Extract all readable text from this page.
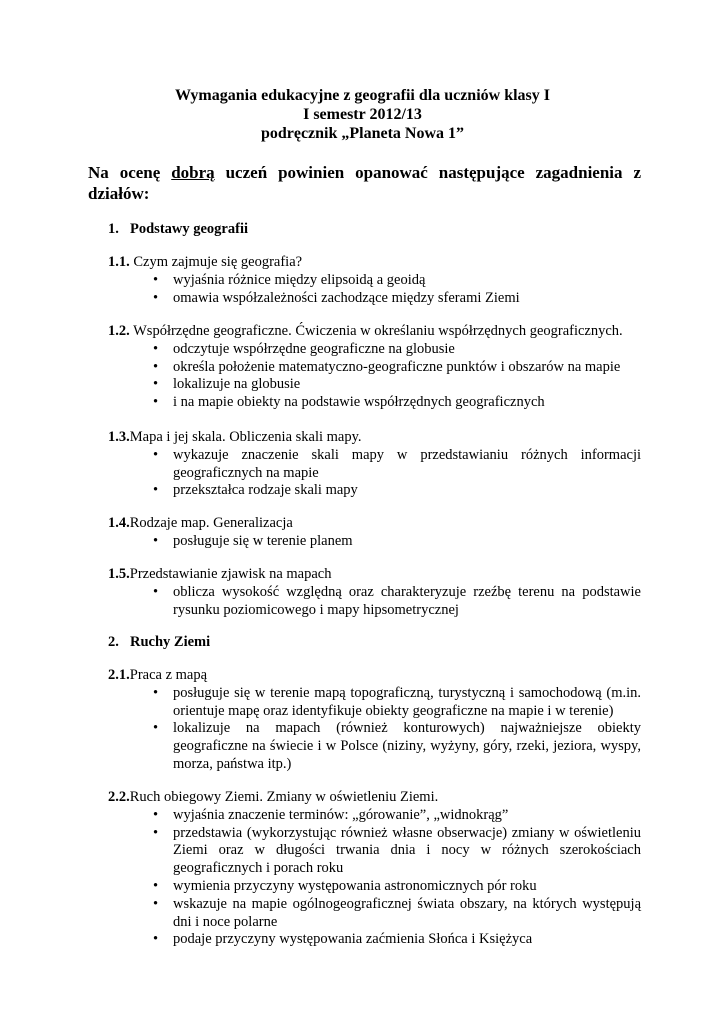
Wymagania edukacyjne z geografii dla uczniów klasy I
I semestr 2012/13
podręcznik „Planeta Nowa 1”
Na ocenę dobrą uczeń powinien opanować następujące zagadnienia z działów:
1. Podstawy geografii
1.1. Czym zajmuje się geografia?
• wyjaśnia różnice między elipsoidą a geoidą
• omawia współzależności zachodzące między sferami Ziemi
1.2. Współrzędne geograficzne. Ćwiczenia w określaniu współrzędnych geograficznych.
• odczytuje współrzędne geograficzne na globusie
• określa położenie matematyczno-geograficzne punktów i obszarów na mapie
• lokalizuje na globusie
• i na mapie obiekty na podstawie współrzędnych geograficznych
1.3.Mapa i jej skala. Obliczenia skali mapy.
• wykazuje znaczenie skali mapy w przedstawianiu różnych informacji geograficznych na mapie
• przekształca rodzaje skali mapy
1.4.Rodzaje map. Generalizacja
• posługuje się w terenie planem
1.5.Przedstawianie zjawisk na mapach
• oblicza wysokość względną oraz charakteryzuje rzeźbę terenu na podstawie rysunku poziomicowego i mapy hipsometrycznej
2. Ruchy Ziemi
2.1.Praca z mapą
• posługuje się w terenie mapą topograficzną, turystyczną i samochodową (m.in. orientuje mapę oraz identyfikuje obiekty geograficzne na mapie i w terenie)
• lokalizuje na mapach (również konturowych) najważniejsze obiekty geograficzne na świecie i w Polsce (niziny, wyżyny, góry, rzeki, jeziora, wyspy, morza, państwa itp.)
2.2.Ruch obiegowy Ziemi. Zmiany w oświetleniu Ziemi.
• wyjaśnia znaczenie terminów: „górowanie”, „widnokrąg”
• przedstawia (wykorzystując również własne obserwacje) zmiany w oświetleniu Ziemi oraz w długości trwania dnia i nocy w różnych szerokościach geograficznych i porach roku
• wymienia przyczyny występowania astronomicznych pór roku
• wskazuje na mapie ogólnogeograficznej świata obszary, na których występują dni i noce polarne
• podaje przyczyny występowania zaćmienia Słońca i Księżyca
